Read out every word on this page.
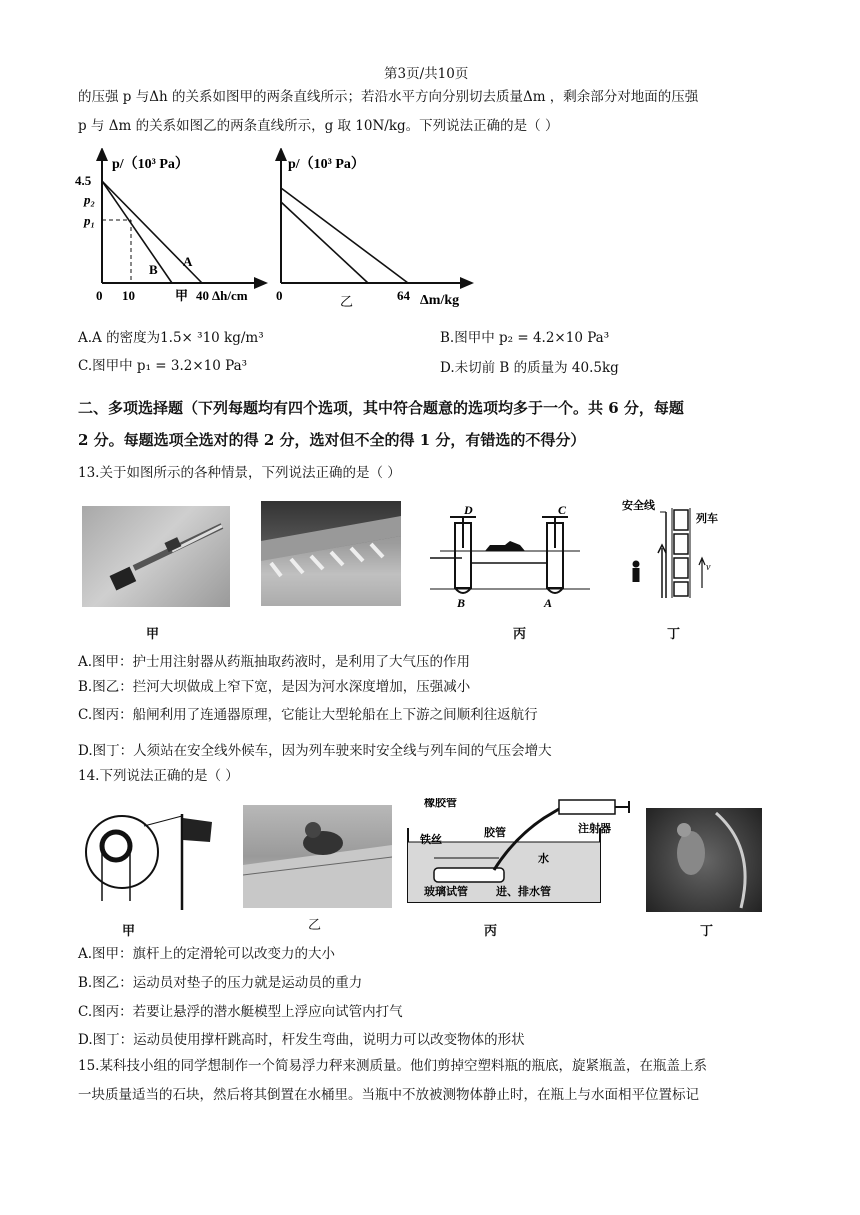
第3页/共10页
的压强 p 与Δh 的关系如图甲的两条直线所示；若沿水平方向分别切去质量Δm ，剩余部分对地面的压强
p 与 Δm 的关系如图乙的两条直线所示，g 取 10N/kg。下列说法正确的是（ ）
p/（10³ Pa）
4.5
p₂
p₁
0 10	甲 40 Δh/cm
A
B
p/（10³ Pa）
0	乙	64 Δm/kg
A.A 的密度为1.5× ³10 kg/m³	B.图甲中 p₂ = 4.2×10 Pa³
C.图甲中 p₁ = 3.2×10 Pa³	D.未切前 B 的质量为 40.5kg
二、多项选择题（下列每题均有四个选项，其中符合题意的选项均多于一个。共 6 分，每题
2 分。每题选项全选对的得 2 分，选对但不全的得 1 分，有错选的不得分）
13.关于如图所示的各种情景，下列说法正确的是（ ）
D	C
B	A
安全线
列车
v
甲	丙	丁
A.图甲：护士用注射器从药瓶抽取药液时，是利用了大气压的作用
B.图乙：拦河大坝做成上窄下宽，是因为河水深度增加，压强减小
C.图丙：船闸利用了连通器原理，它能让大型轮船在上下游之间顺利往返航行
D.图丁：人须站在安全线外候车，因为列车驶来时安全线与列车间的气压会增大
14.下列说法正确的是（ ）
橡胶管
胶管
铁丝
水
注射器
玻璃试管	进、排水管
甲	乙	丙	丁
A.图甲：旗杆上的定滑轮可以改变力的大小
B.图乙：运动员对垫子的压力就是运动员的重力
C.图丙：若要让悬浮的潜水艇模型上浮应向试管内打气
D.图丁：运动员使用撑杆跳高时，杆发生弯曲，说明力可以改变物体的形状
15.某科技小组的同学想制作一个简易浮力秤来测质量。他们剪掉空塑料瓶的瓶底，旋紧瓶盖，在瓶盖上系
一块质量适当的石块，然后将其倒置在水桶里。当瓶中不放被测物体静止时，在瓶上与水面相平位置标记
